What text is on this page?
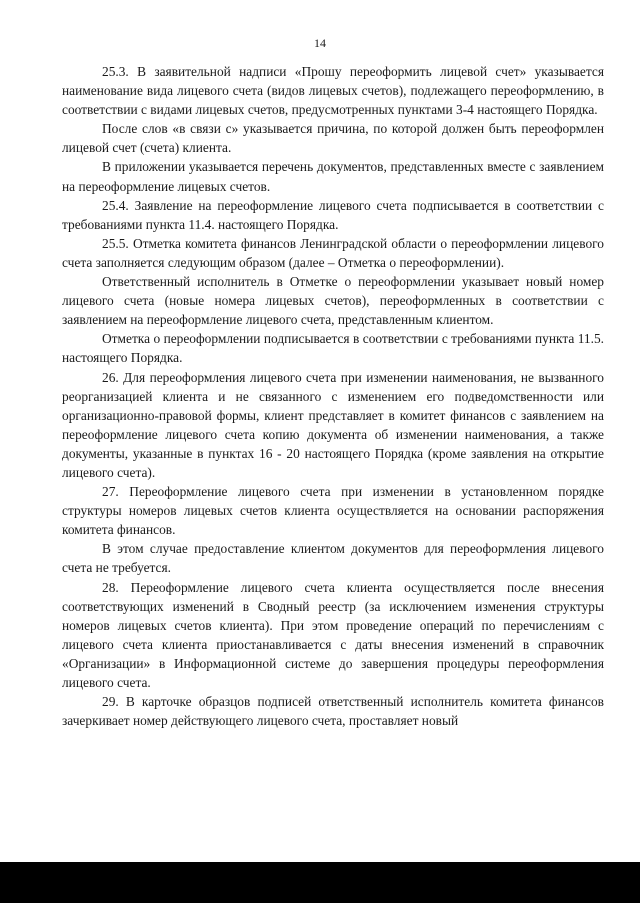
14

25.3. В заявительной надписи «Прошу переоформить лицевой счет» указывается наименование вида лицевого счета (видов лицевых счетов), подлежащего переоформлению, в соответствии с видами лицевых счетов, предусмотренных пунктами 3-4 настоящего Порядка.

После слов «в связи с» указывается причина, по которой должен быть переоформлен лицевой счет (счета) клиента.

В приложении указывается перечень документов, представленных вместе с заявлением на переоформление лицевых счетов.

25.4. Заявление на переоформление лицевого счета подписывается в соответствии с требованиями пункта 11.4. настоящего Порядка.

25.5. Отметка комитета финансов Ленинградской области о переоформлении лицевого счета заполняется следующим образом (далее – Отметка о переоформлении).

Ответственный исполнитель в Отметке о переоформлении указывает новый номер лицевого счета (новые номера лицевых счетов), переоформленных в соответствии с заявлением на переоформление лицевого счета, представленным клиентом.

Отметка о переоформлении подписывается в соответствии с требованиями пункта 11.5. настоящего Порядка.

26. Для переоформления лицевого счета при изменении наименования, не вызванного реорганизацией клиента и не связанного с изменением его подведомственности или организационно-правовой формы, клиент представляет в комитет финансов с заявлением на переоформление лицевого счета копию документа об изменении наименования, а также документы, указанные в пунктах 16 - 20 настоящего Порядка (кроме заявления на открытие лицевого счета).

27. Переоформление лицевого счета при изменении в установленном порядке структуры номеров лицевых счетов клиента осуществляется на основании распоряжения комитета финансов.

В этом случае предоставление клиентом документов для переоформления лицевого счета не требуется.

28. Переоформление лицевого счета клиента осуществляется после внесения соответствующих изменений в Сводный реестр (за исключением изменения структуры номеров лицевых счетов клиента). При этом проведение операций по перечислениям с лицевого счета клиента приостанавливается с даты внесения изменений в справочник «Организации» в Информационной системе до завершения процедуры переоформления лицевого счета.

29. В карточке образцов подписей ответственный исполнитель комитета финансов зачеркивает номер действующего лицевого счета, проставляет новый
